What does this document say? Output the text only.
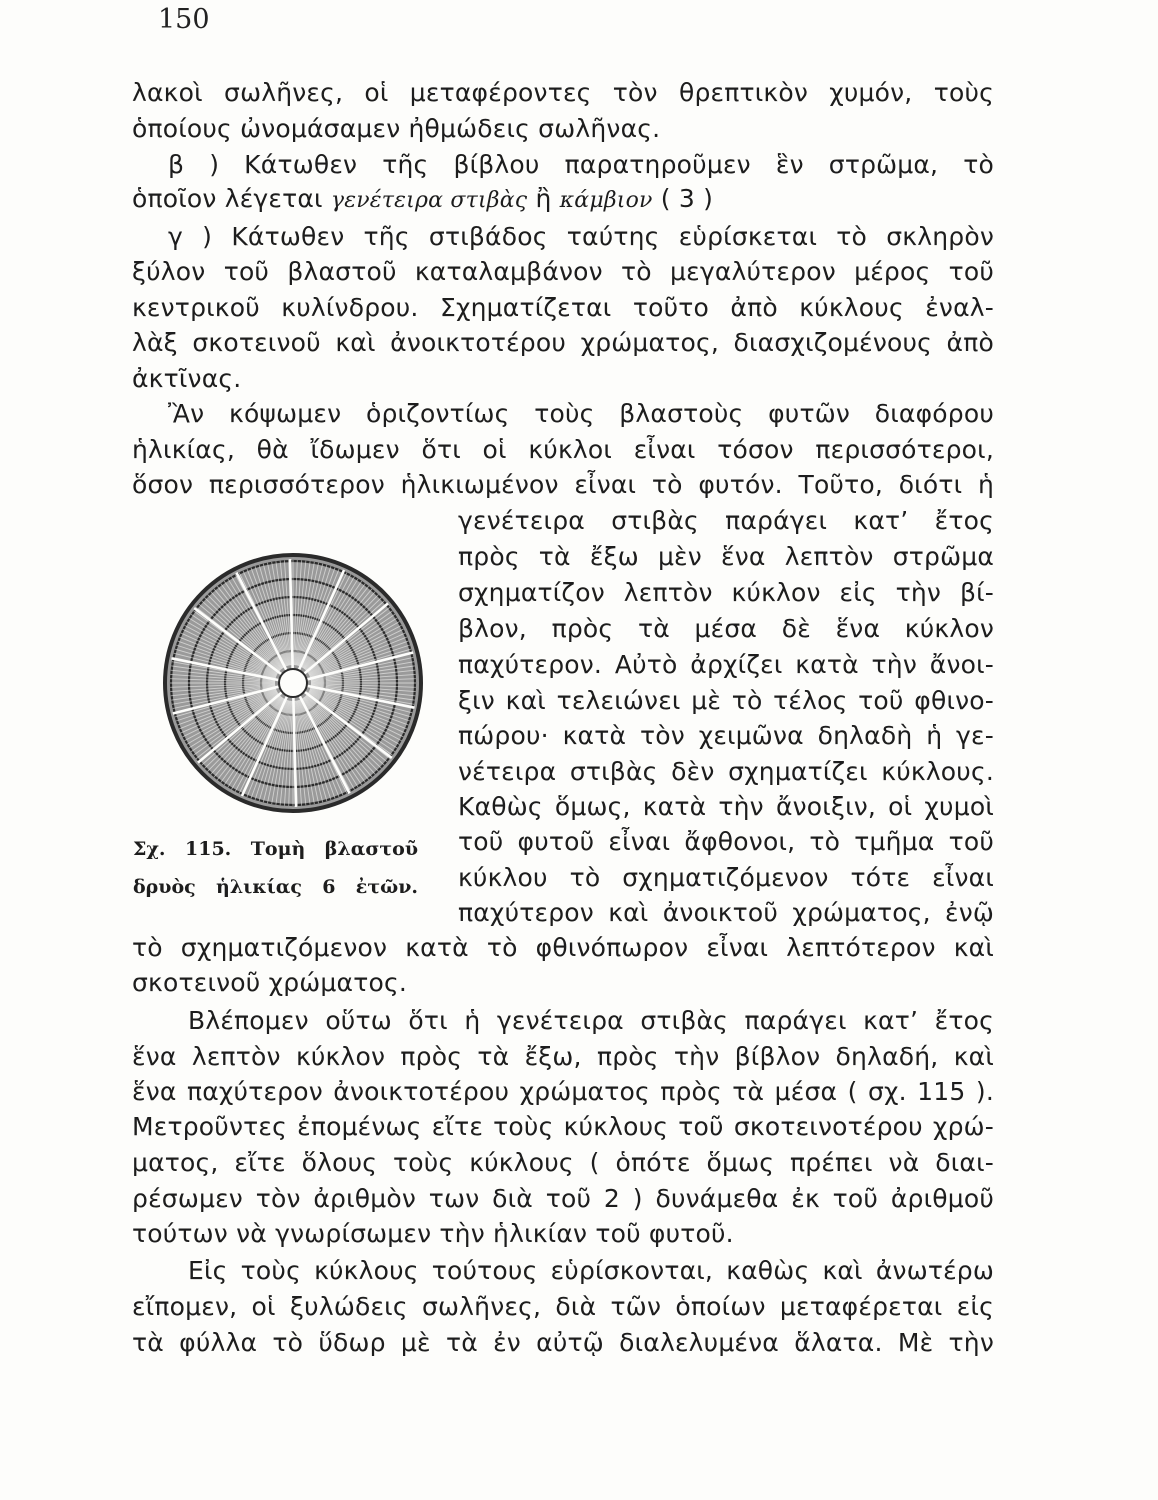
150
λακοὶ σωλῆνες, οἱ μεταφέροντες τὸν θρεπτικὸν χυμόν, τοὺς
ὁποίους ὠνομάσαμεν ἠθμώδεις σωλῆνας.
β ) Κάτωθεν τῆς βίβλου παρατηροῦμεν ἓν στρῶμα, τὸ
ὁποῖον λέγεται γενέτειρα στιβὰς ἢ κάμβιον ( 3 )
γ ) Κάτωθεν τῆς στιβάδος ταύτης εὑρίσκεται τὸ σκληρὸν
ξύλον τοῦ βλαστοῦ καταλαμβάνον τὸ μεγαλύτερον μέρος τοῦ
κεντρικοῦ κυλίνδρου. Σχηματίζεται τοῦτο ἀπὸ κύκλους ἐναλ-
λὰξ σκοτεινοῦ καὶ ἀνοικτοτέρου χρώματος, διασχιζομένους ἀπὸ
ἀκτῖνας.
Ἂν κόψωμεν ὁριζοντίως τοὺς βλαστοὺς φυτῶν διαφόρου
ἡλικίας, θὰ ἴδωμεν ὅτι οἱ κύκλοι εἶναι τόσον περισσότεροι,
ὅσον περισσότερον ἡλικιωμένον εἶναι τὸ φυτόν. Τοῦτο, διότι ἡ
γενέτειρα στιβὰς παράγει κατ’ ἔτος
πρὸς τὰ ἔξω μὲν ἕνα λεπτὸν στρῶμα
σχηματίζον λεπτὸν κύκλον εἰς τὴν βί-
βλον, πρὸς τὰ μέσα δὲ ἕνα κύκλον
παχύτερον. Αὐτὸ ἀρχίζει κατὰ τὴν ἄνοι-
ξιν καὶ τελειώνει μὲ τὸ τέλος τοῦ φθινο-
πώρου· κατὰ τὸν χειμῶνα δηλαδὴ ἡ γε-
νέτειρα στιβὰς δὲν σχηματίζει κύκλους.
Καθὼς ὅμως, κατὰ τὴν ἄνοιξιν, οἱ χυμοὶ
τοῦ φυτοῦ εἶναι ἄφθονοι, τὸ τμῆμα τοῦ
κύκλου τὸ σχηματιζόμενον τότε εἶναι
παχύτερον καὶ ἀνοικτοῦ χρώματος, ἐνῷ
τὸ σχηματιζόμενον κατὰ τὸ φθινόπωρον εἶναι λεπτότερον καὶ
σκοτεινοῦ χρώματος.
Βλέπομεν οὕτω ὅτι ἡ γενέτειρα στιβὰς παράγει κατ’ ἔτος
ἕνα λεπτὸν κύκλον πρὸς τὰ ἔξω, πρὸς τὴν βίβλον δηλαδή, καὶ
ἕνα παχύτερον ἀνοικτοτέρου χρώματος πρὸς τὰ μέσα ( σχ. 115 ).
Μετροῦντες ἐπομένως εἴτε τοὺς κύκλους τοῦ σκοτεινοτέρου χρώ-
ματος, εἴτε ὅλους τοὺς κύκλους ( ὁπότε ὅμως πρέπει νὰ διαι-
ρέσωμεν τὸν ἀριθμὸν των διὰ τοῦ 2 ) δυνάμεθα ἐκ τοῦ ἀριθμοῦ
τούτων νὰ γνωρίσωμεν τὴν ἡλικίαν τοῦ φυτοῦ.
Εἰς τοὺς κύκλους τούτους εὑρίσκονται, καθὼς καὶ ἀνωτέρω
εἴπομεν, οἱ ξυλώδεις σωλῆνες, διὰ τῶν ὁποίων μεταφέρεται εἰς
τὰ φύλλα τὸ ὕδωρ μὲ τὰ ἐν αὐτῷ διαλελυμένα ἅλατα. Μὲ τὴν
Σχ. 115. Τομὴ βλαστοῦ
δρυὸς ἡλικίας 6 ἐτῶν.
